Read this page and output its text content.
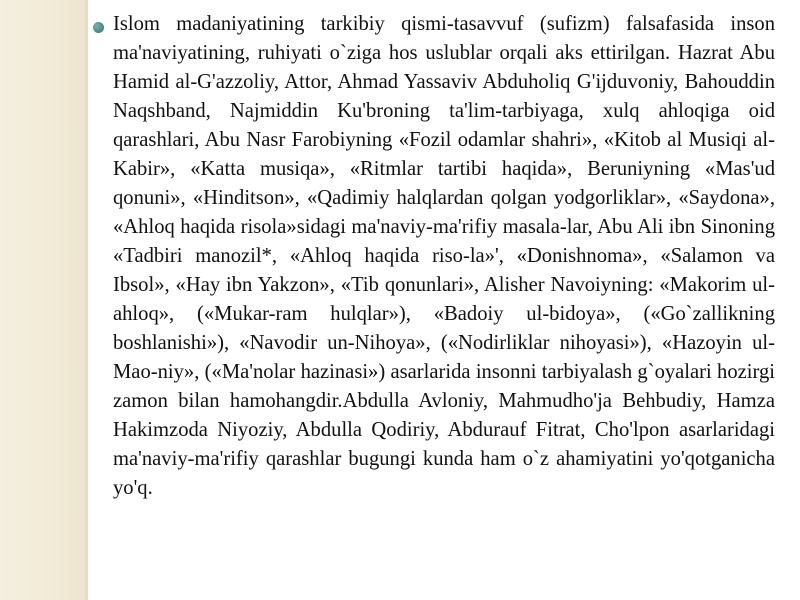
Islom madaniyatining tarkibiy qismi-tasavvuf (sufizm) falsafasida inson ma'naviyatining, ruhiyati o`ziga hos uslublar orqali aks ettirilgan. Hazrat Abu Hamid al-G'azzoliy, Attor, Ahmad Yassaviv Abduholiq G'ijduvoniy, Bahouddin Naqshband, Najmiddin Ku'broning ta'lim-tarbiyaga, xulq ahloqiga oid qarashlari, Abu Nasr Farobiyning «Fozil odamlar shahri», «Kitob al Musiqi al-Kabir», «Katta musiqa», «Ritmlar tartibi haqida», Beruniyning «Mas'ud qonuni», «Hinditson», «Qadimiy halqlardan qolgan yodgorliklar», «Saydona», «Ahloq haqida risola»sidagi ma'naviy-ma'rifiy masala-lar, Abu Ali ibn Sinoning «Tadbiri manozil*, «Ahloq haqida riso-la»', «Donishnoma», «Salamon va Ibsol», «Hay ibn Yakzon», «Tib qonunlari», Alisher Navoiyning: «Makorim ul-ahloq», («Mukar-ram hulqlar»), «Badoiy ul-bidoya», («Go`zallikning boshlanishi»), «Navodir un-Nihoya», («Nodirliklar nihoyasi»), «Hazoyin ul-Mao-niy», («Ma'nolar hazinasi») asarlarida insonni tarbiyalash g`oyalari hozirgi zamon bilan hamohangdir.Abdulla Avloniy, Mahmudho'ja Behbudiy, Hamza Hakimzoda Niyoziy, Abdulla Qodiriy, Abdurauf Fitrat, Cho'lpon asarlaridagi ma'naviy-ma'rifiy qarashlar bugungi kunda ham o`z ahamiyatini yo'qotganicha yo'q.
